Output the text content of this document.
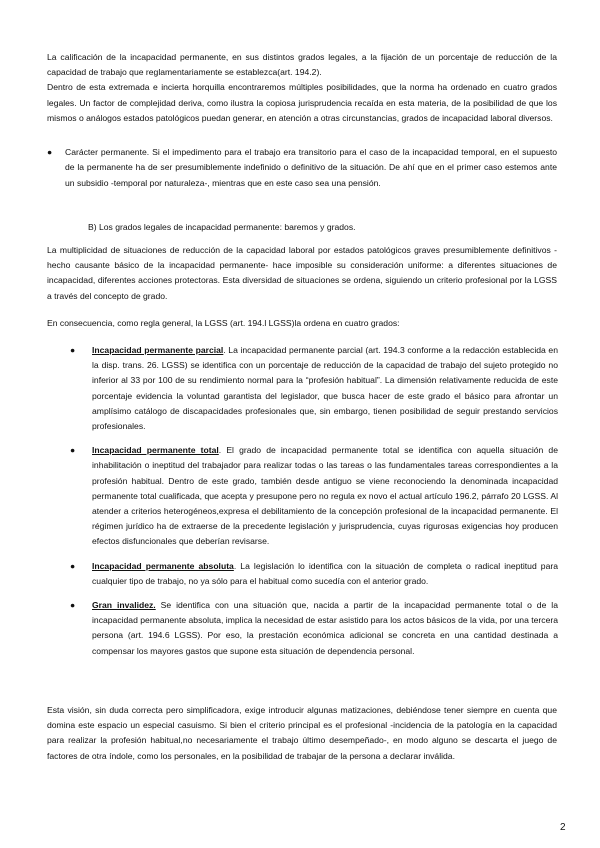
La calificación de la incapacidad permanente, en sus distintos grados legales, a la fijación de un porcentaje de reducción de la capacidad de trabajo que reglamentariamente se establezca(art. 194.2).

Dentro de esta extremada e incierta horquilla encontraremos múltiples posibilidades, que la norma ha ordenado en cuatro grados legales. Un factor de complejidad deriva, como ilustra la copiosa jurisprudencia recaída en esta materia, de la posibilidad de que los mismos o análogos estados patológicos puedan generar, en atención a otras circunstancias, grados de incapacidad laboral diversos.

● Carácter permanente. Si el impedimento para el trabajo era transitorio para el caso de la incapacidad temporal, en el supuesto de la permanente ha de ser presumiblemente indefinido o definitivo de la situación. De ahí que en el primer caso estemos ante un subsidio -temporal por naturaleza-, mientras que en este caso sea una pensión.

B) Los grados legales de incapacidad permanente: baremos y grados.

La multiplicidad de situaciones de reducción de la capacidad laboral por estados patológicos graves presumiblemente definitivos -hecho causante básico de la incapacidad permanente- hace imposible su consideración uniforme: a diferentes situaciones de incapacidad, diferentes acciones protectoras. Esta diversidad de situaciones se ordena, siguiendo un criterio profesional por la LGSS a través del concepto de grado.

En consecuencia, como regla general, la LGSS (art. 194.l LGSS)la ordena en cuatro grados:

● Incapacidad permanente parcial. La incapacidad permanente parcial (art. 194.3 conforme a la redacción establecida en la disp. trans. 26. LGSS) se identifica con un porcentaje de reducción de la capacidad de trabajo del sujeto protegido no inferior al 33 por 100 de su rendimiento normal para la “profesión habitual”. La dimensión relativamente reducida de este porcentaje evidencia la voluntad garantista del legislador, que busca hacer de este grado el básico para afrontar un amplísimo catálogo de discapacidades profesionales que, sin embargo, tienen posibilidad de seguir prestando servicios profesionales.
● Incapacidad permanente total. El grado de incapacidad permanente total se identifica con aquella situación de inhabilitación o ineptitud del trabajador para realizar todas o las tareas o las fundamentales tareas correspondientes a la profesión habitual. Dentro de este grado, también desde antiguo se viene reconociendo la denominada incapacidad permanente total cualificada, que acepta y presupone pero no regula ex novo el actual artículo 196.2, párrafo 20 LGSS. Al atender a criterios heterogéneos,expresa el debilitamiento de la concepción profesional de la incapacidad permanente. El régimen jurídico ha de extraerse de la precedente legislación y jurisprudencia, cuyas rigurosas exigencias hoy producen efectos disfuncionales que deberían revisarse.
● Incapacidad permanente absoluta. La legislación lo identifica con la situación de completa o radical ineptitud para cualquier tipo de trabajo, no ya sólo para el habitual como sucedía con el anterior grado.
● Gran invalidez. Se identifica con una situación que, nacida a partir de la incapacidad permanente total o de la incapacidad permanente absoluta, implica la necesidad de estar asistido para los actos básicos de la vida, por una tercera persona (art. 194.6 LGSS). Por eso, la prestación económica adicional se concreta en una cantidad destinada a compensar los mayores gastos que supone esta situación de dependencia personal.

Esta visión, sin duda correcta pero simplificadora, exige introducir algunas matizaciones, debiéndose tener siempre en cuenta que domina este espacio un especial casuismo. Si bien el criterio principal es el profesional -incidencia de la patología en la capacidad para realizar la profesión habitual,no necesariamente el trabajo último desempeñado-, en modo alguno se descarta el juego de factores de otra índole, como los personales, en la posibilidad de trabajar de la persona a declarar inválida.

2
